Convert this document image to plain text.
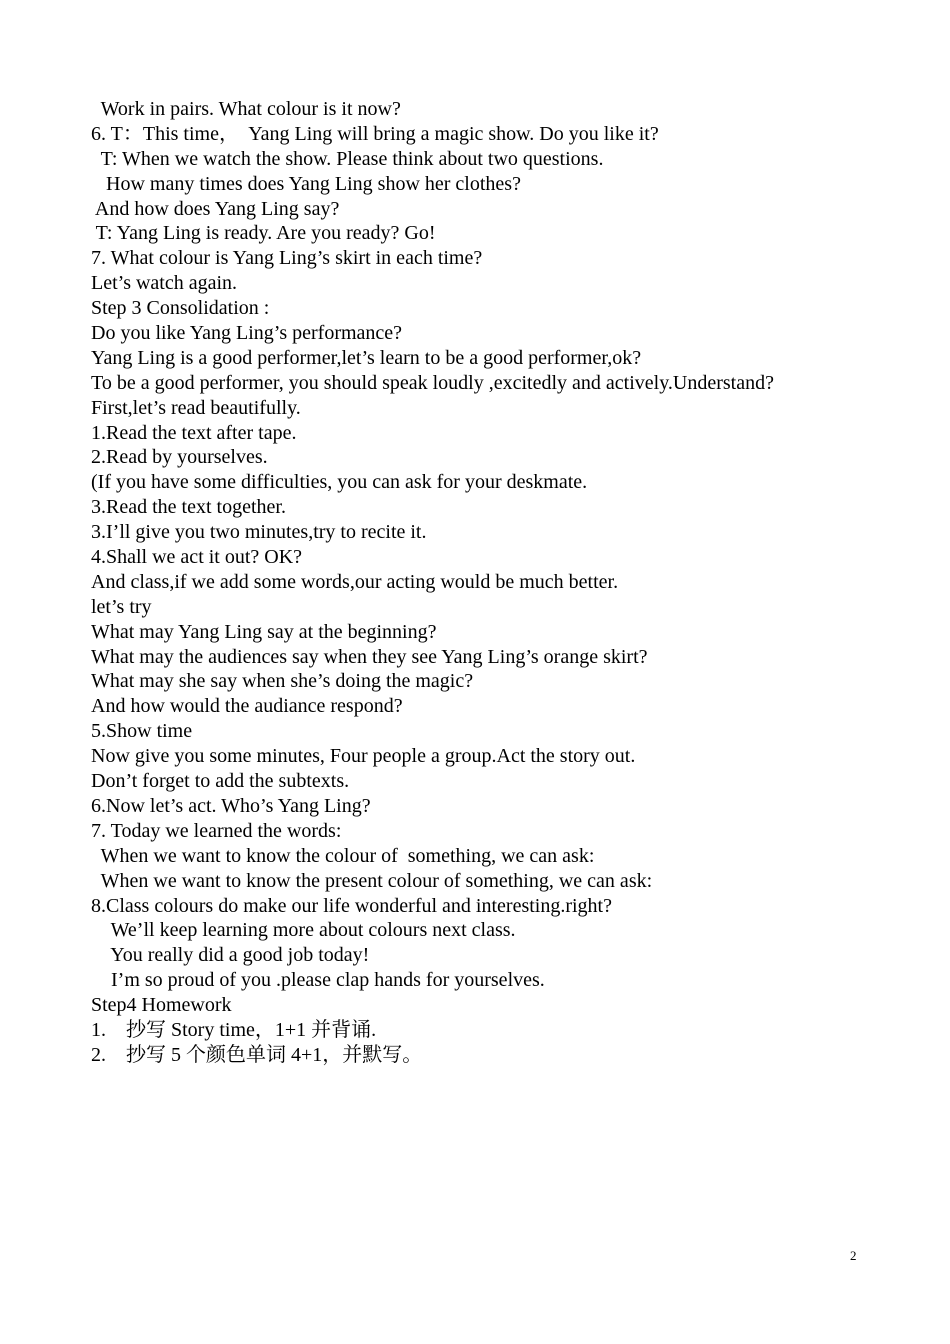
Work in pairs. What colour is it now?
6. T：This time，  Yang Ling will bring a magic show. Do you like it?
T: When we watch the show. Please think about two questions.
How many times does Yang Ling show her clothes?
And how does Yang Ling say?
T: Yang Ling is ready. Are you ready? Go!
7. What colour is Yang Ling’s skirt in each time?
Let’s watch again.
Step 3 Consolidation :
Do you like Yang Ling’s performance?
Yang Ling is a good performer,let’s learn to be a good performer,ok?
To be a good performer, you should speak loudly ,excitedly and actively.Understand?
First,let’s read beautifully.
1.Read the text after tape.
2.Read by yourselves.
(If you have some difficulties, you can ask for your deskmate.
3.Read the text together.
3.I’ll give you two minutes,try to recite it.
4.Shall we act it out? OK?
And class,if we add some words,our acting would be much better.
let’s try
What may Yang Ling say at the beginning?
What may the audiences say when they see Yang Ling’s orange skirt?
What may she say when she’s doing the magic?
And how would the audiance respond?
5.Show time
Now give you some minutes, Four people a group.Act the story out.
Don’t forget to add the subtexts.
6.Now let’s act. Who’s Yang Ling?
7. Today we learned the words:
When we want to know the colour of  something, we can ask:
When we want to know the present colour of something, we can ask:
8.Class colours do make our life wonderful and interesting.right?
We’ll keep learning more about colours next class.
You really did a good job today!
I’m so proud of you .please clap hands for yourselves.
Step4 Homework
1.    抄写 Story time，1+1 并背诵.
2.    抄写 5 个颜色单词 4+1，并默写。
2
